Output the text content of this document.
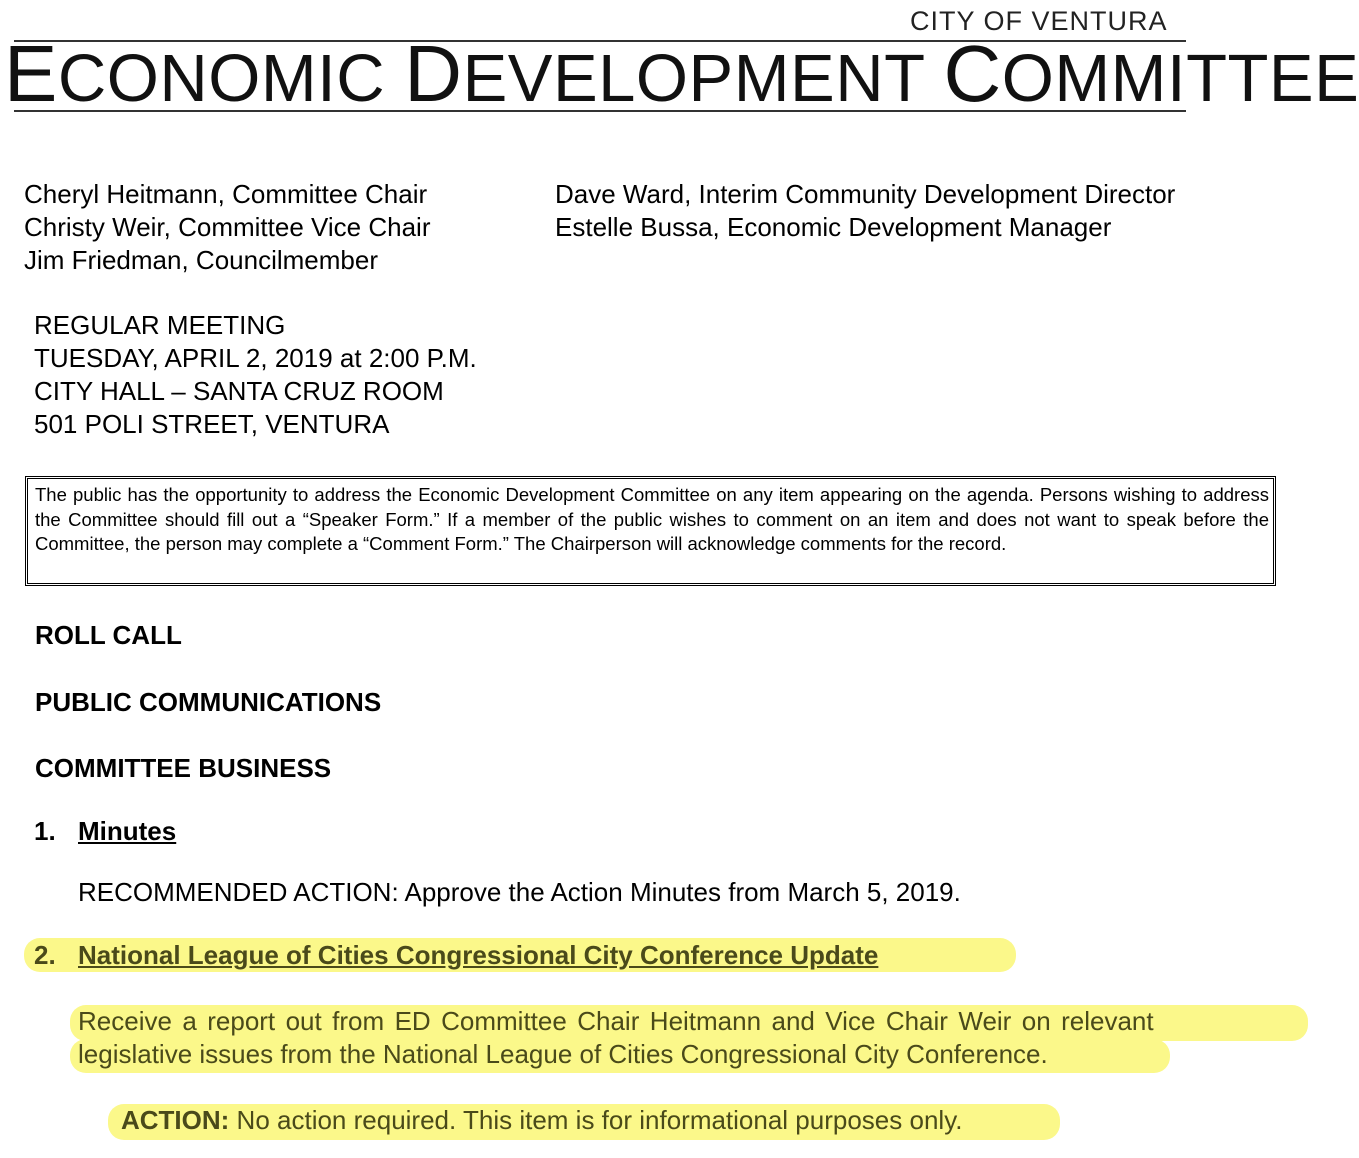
CITY OF VENTURA
ECONOMIC DEVELOPMENT COMMITTEE
Cheryl Heitmann, Committee Chair
Christy Weir, Committee Vice Chair
Jim Friedman, Councilmember
Dave Ward, Interim Community Development Director
Estelle Bussa, Economic Development Manager
REGULAR MEETING
TUESDAY, APRIL 2, 2019 at 2:00 P.M.
CITY HALL – SANTA CRUZ ROOM
501 POLI STREET, VENTURA
The public has the opportunity to address the Economic Development Committee on any item appearing on the agenda. Persons wishing to address the Committee should fill out a “Speaker Form.” If a member of the public wishes to comment on an item and does not want to speak before the Committee, the person may complete a “Comment Form.” The Chairperson will acknowledge comments for the record.
ROLL CALL
PUBLIC COMMUNICATIONS
COMMITTEE BUSINESS
1. Minutes
RECOMMENDED ACTION: Approve the Action Minutes from March 5, 2019.
2. National League of Cities Congressional City Conference Update
Receive a report out from ED Committee Chair Heitmann and Vice Chair Weir on relevant
legislative issues from the National League of Cities Congressional City Conference.
ACTION: No action required. This item is for informational purposes only.
